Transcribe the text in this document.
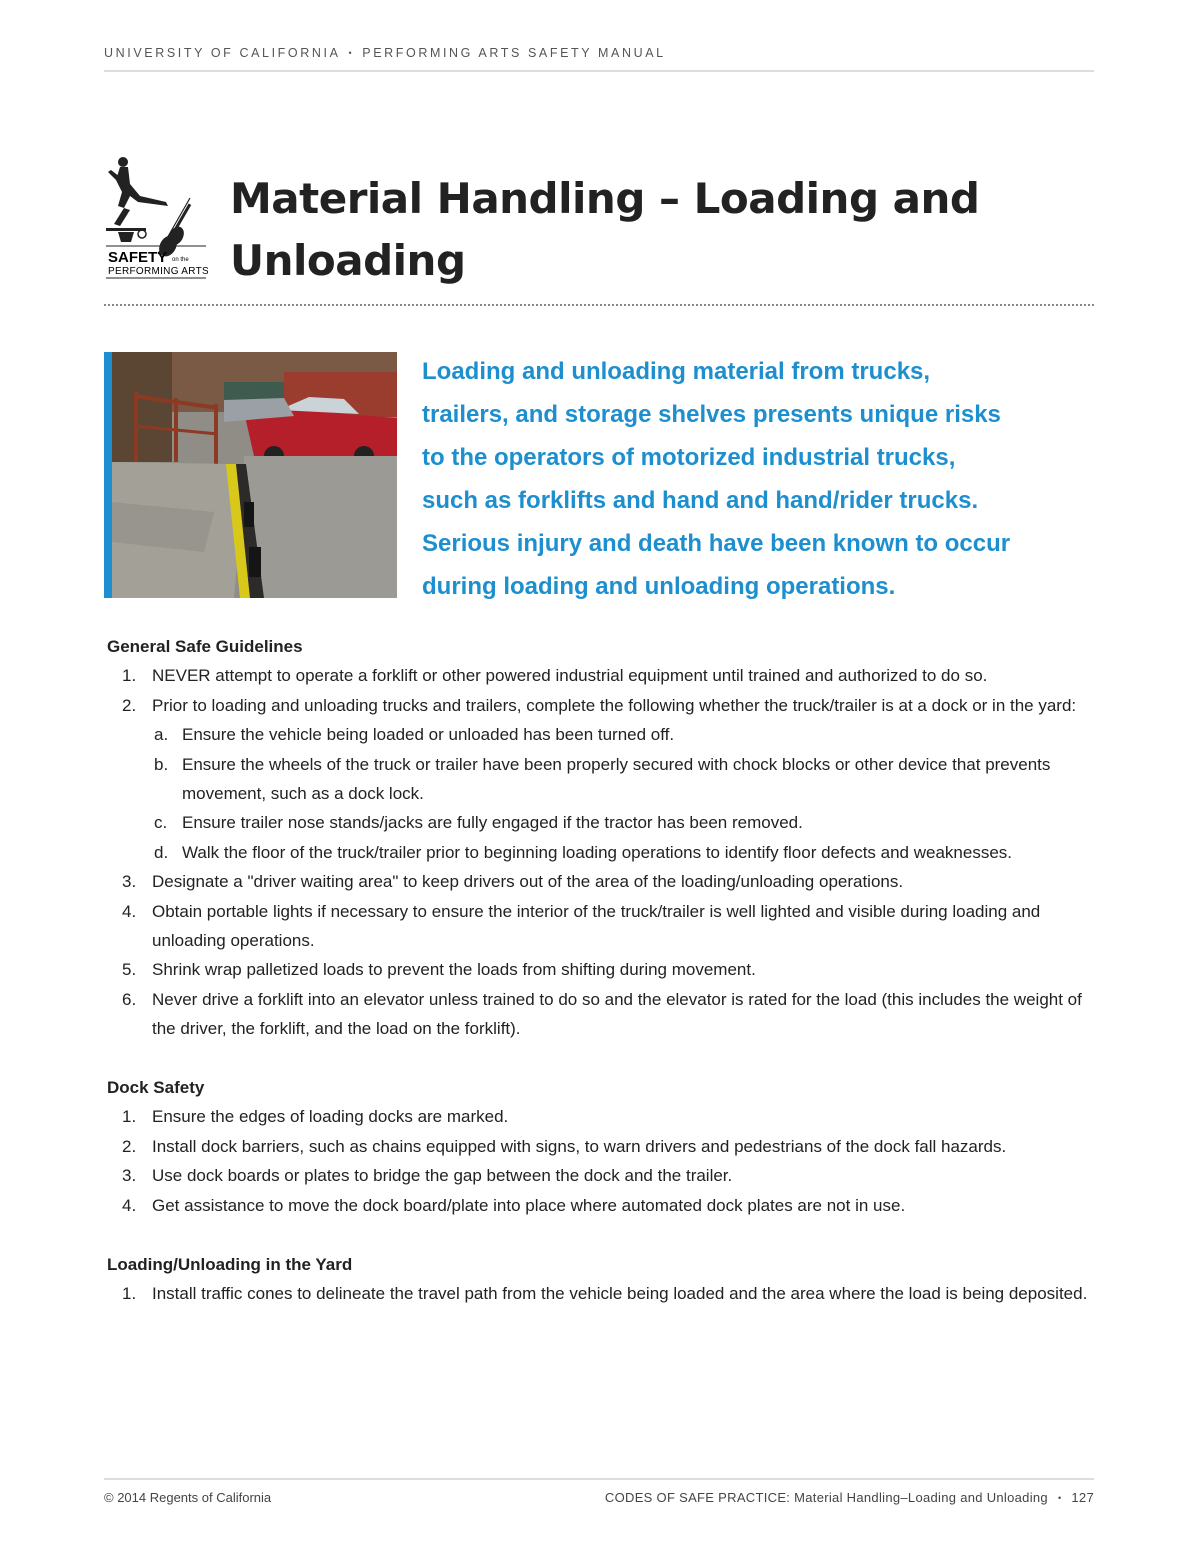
UNIVERSITY OF CALIFORNIA • PERFORMING ARTS SAFETY MANUAL
SAFETY on the
PERFORMING ARTS
Material Handling – Loading and
Unloading
Loading and unloading material from trucks,
trailers, and storage shelves presents unique risks
to the operators of motorized industrial trucks,
such as forklifts and hand and hand/rider trucks.
Serious injury and death have been known to occur
during loading and unloading operations.
General Safe Guidelines
1. NEVER attempt to operate a forklift or other powered industrial equipment until trained and authorized to do so.
2. Prior to loading and unloading trucks and trailers, complete the following whether the truck/trailer is at a dock or in the yard:
a. Ensure the vehicle being loaded or unloaded has been turned off.
b. Ensure the wheels of the truck or trailer have been properly secured with chock blocks or other device that prevents movement, such as a dock lock.
c. Ensure trailer nose stands/jacks are fully engaged if the tractor has been removed.
d. Walk the floor of the truck/trailer prior to beginning loading operations to identify floor defects and weaknesses.
3. Designate a "driver waiting area" to keep drivers out of the area of the loading/unloading operations.
4. Obtain portable lights if necessary to ensure the interior of the truck/trailer is well lighted and visible during loading and unloading operations.
5. Shrink wrap palletized loads to prevent the loads from shifting during movement.
6. Never drive a forklift into an elevator unless trained to do so and the elevator is rated for the load (this includes the weight of the driver, the forklift, and the load on the forklift).
Dock Safety
1. Ensure the edges of loading docks are marked.
2. Install dock barriers, such as chains equipped with signs, to warn drivers and pedestrians of the dock fall hazards.
3. Use dock boards or plates to bridge the gap between the dock and the trailer.
4. Get assistance to move the dock board/plate into place where automated dock plates are not in use.
Loading/Unloading in the Yard
1. Install traffic cones to delineate the travel path from the vehicle being loaded and the area where the load is being deposited.
© 2014 Regents of California	CODES OF SAFE PRACTICE: Material Handling–Loading and Unloading • 127
